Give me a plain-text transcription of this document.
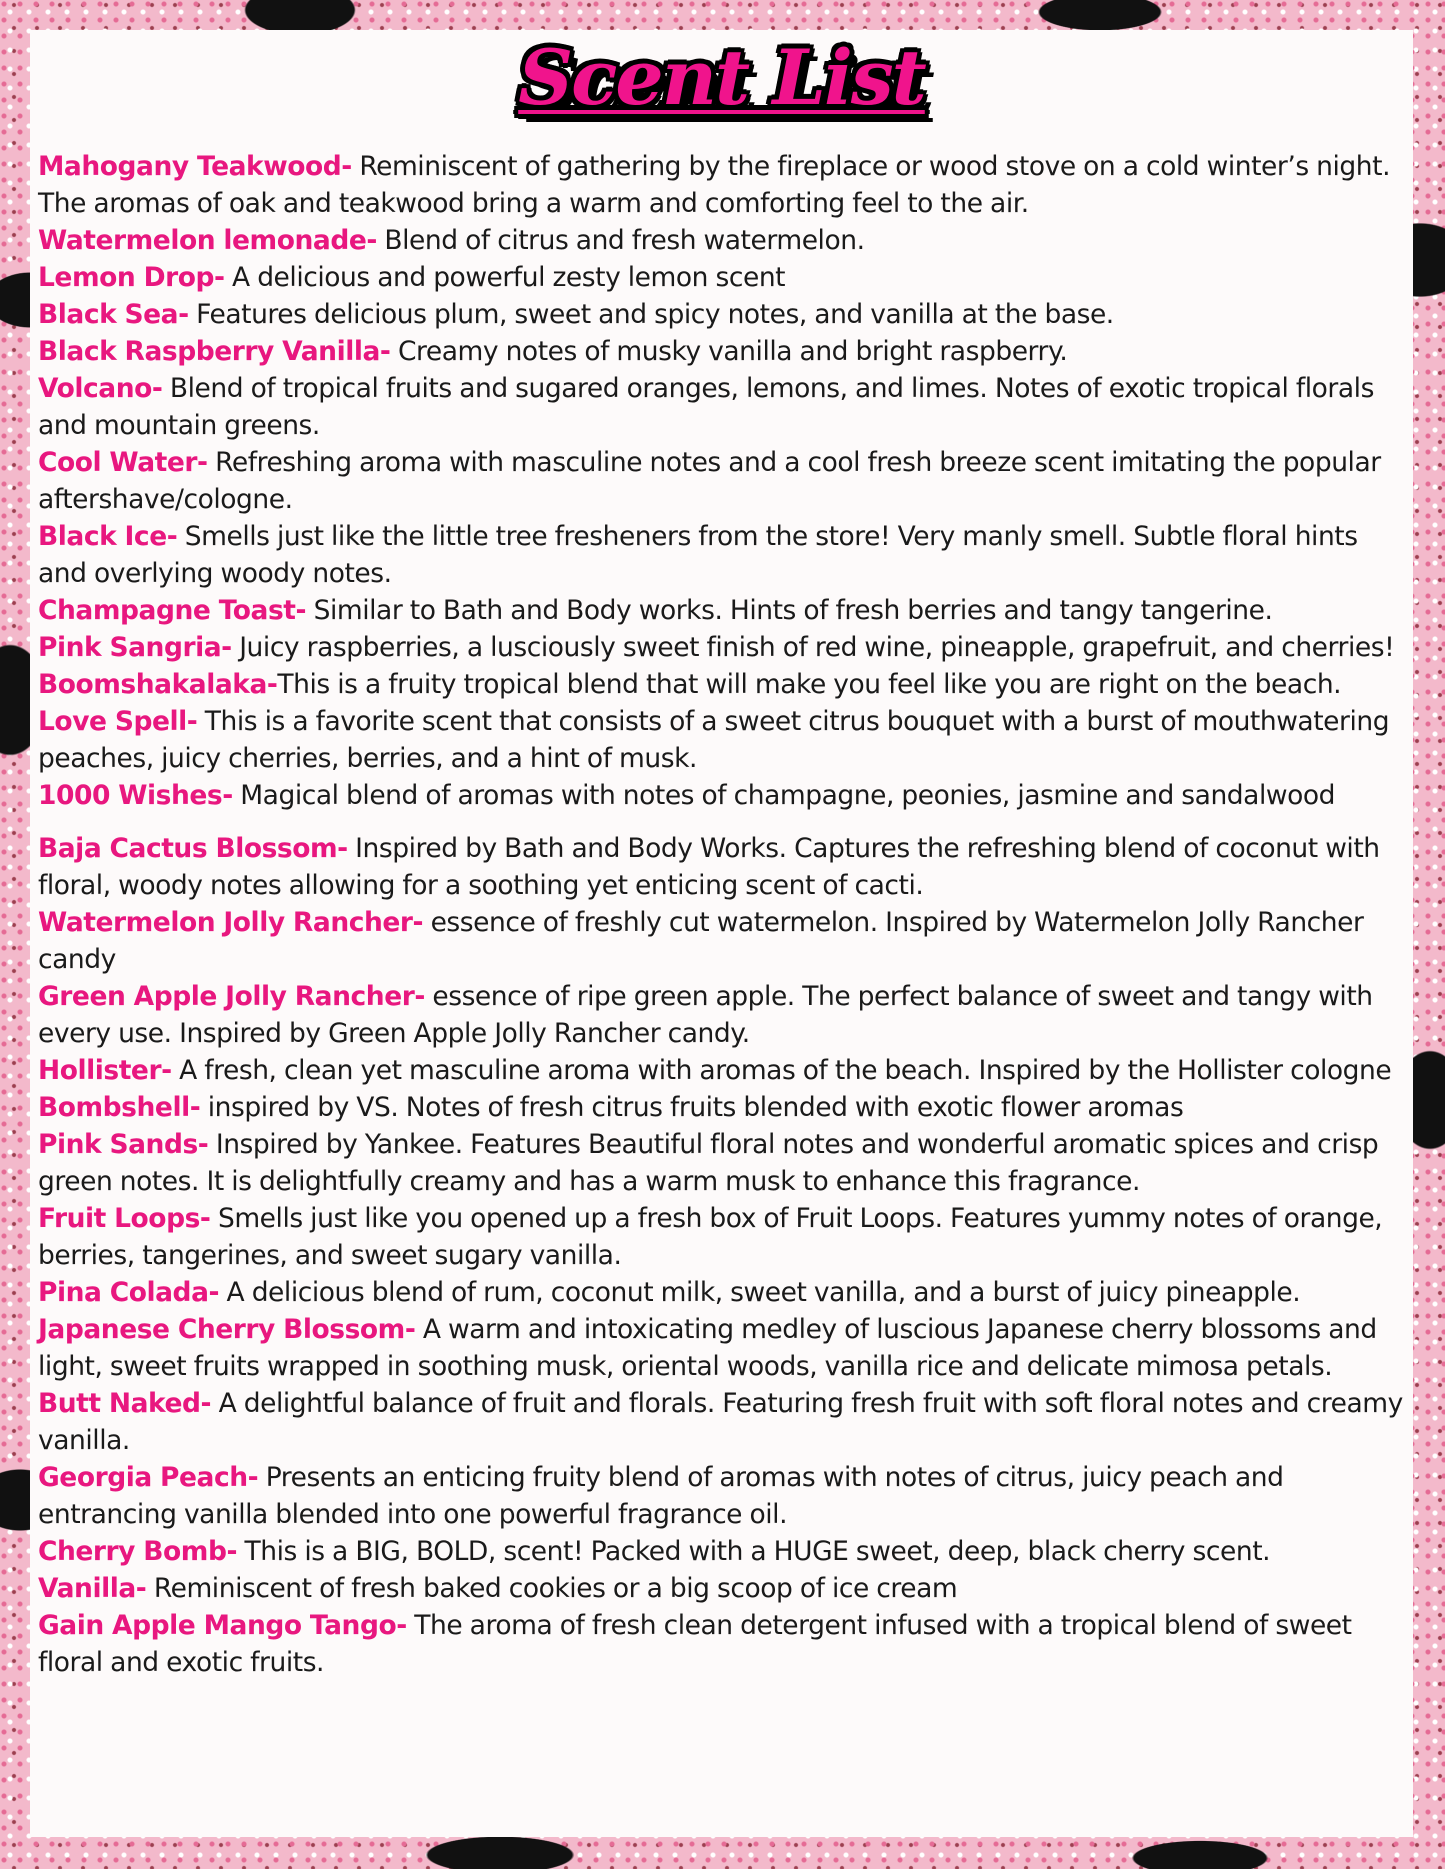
Scent List
Mahogany Teakwood- Reminiscent of gathering by the fireplace or wood stove on a cold winter’s night. The aromas of oak and teakwood bring a warm and comforting feel to the air.
Watermelon lemonade- Blend of citrus and fresh watermelon.
Lemon Drop- A delicious and powerful zesty lemon scent
Black Sea- Features delicious plum, sweet and spicy notes, and vanilla at the base.
Black Raspberry Vanilla- Creamy notes of musky vanilla and bright raspberry.
Volcano- Blend of tropical fruits and sugared oranges, lemons, and limes. Notes of exotic tropical florals and mountain greens.
Cool Water- Refreshing aroma with masculine notes and a cool fresh breeze scent imitating the popular aftershave/cologne.
Black Ice- Smells just like the little tree fresheners from the store! Very manly smell. Subtle floral hints and overlying woody notes.
Champagne Toast- Similar to Bath and Body works. Hints of fresh berries and tangy tangerine.
Pink Sangria- Juicy raspberries, a lusciously sweet finish of red wine, pineapple, grapefruit, and cherries!
Boomshakalaka-This is a fruity tropical blend that will make you feel like you are right on the beach.
Love Spell- This is a favorite scent that consists of a sweet citrus bouquet with a burst of mouthwatering peaches, juicy cherries, berries, and a hint of musk.
1000 Wishes- Magical blend of aromas with notes of champagne, peonies, jasmine and sandalwood
Baja Cactus Blossom- Inspired by Bath and Body Works. Captures the refreshing blend of coconut with floral, woody notes allowing for a soothing yet enticing scent of cacti.
Watermelon Jolly Rancher- essence of freshly cut watermelon. Inspired by Watermelon Jolly Rancher candy
Green Apple Jolly Rancher- essence of ripe green apple. The perfect balance of sweet and tangy with every use. Inspired by Green Apple Jolly Rancher candy.
Hollister- A fresh, clean yet masculine aroma with aromas of the beach. Inspired by the Hollister cologne
Bombshell- inspired by VS. Notes of fresh citrus fruits blended with exotic flower aromas
Pink Sands- Inspired by Yankee. Features Beautiful floral notes and wonderful aromatic spices and crisp green notes. It is delightfully creamy and has a warm musk to enhance this fragrance.
Fruit Loops- Smells just like you opened up a fresh box of Fruit Loops. Features yummy notes of orange, berries, tangerines, and sweet sugary vanilla.
Pina Colada- A delicious blend of rum, coconut milk, sweet vanilla, and a burst of juicy pineapple.
Japanese Cherry Blossom- A warm and intoxicating medley of luscious Japanese cherry blossoms and light, sweet fruits wrapped in soothing musk, oriental woods, vanilla rice and delicate mimosa petals.
Butt Naked- A delightful balance of fruit and florals. Featuring fresh fruit with soft floral notes and creamy vanilla.
Georgia Peach- Presents an enticing fruity blend of aromas with notes of citrus, juicy peach and entrancing vanilla blended into one powerful fragrance oil.
Cherry Bomb- This is a BIG, BOLD, scent! Packed with a HUGE sweet, deep, black cherry scent.
Vanilla- Reminiscent of fresh baked cookies or a big scoop of ice cream
Gain Apple Mango Tango- The aroma of fresh clean detergent infused with a tropical blend of sweet floral and exotic fruits.
